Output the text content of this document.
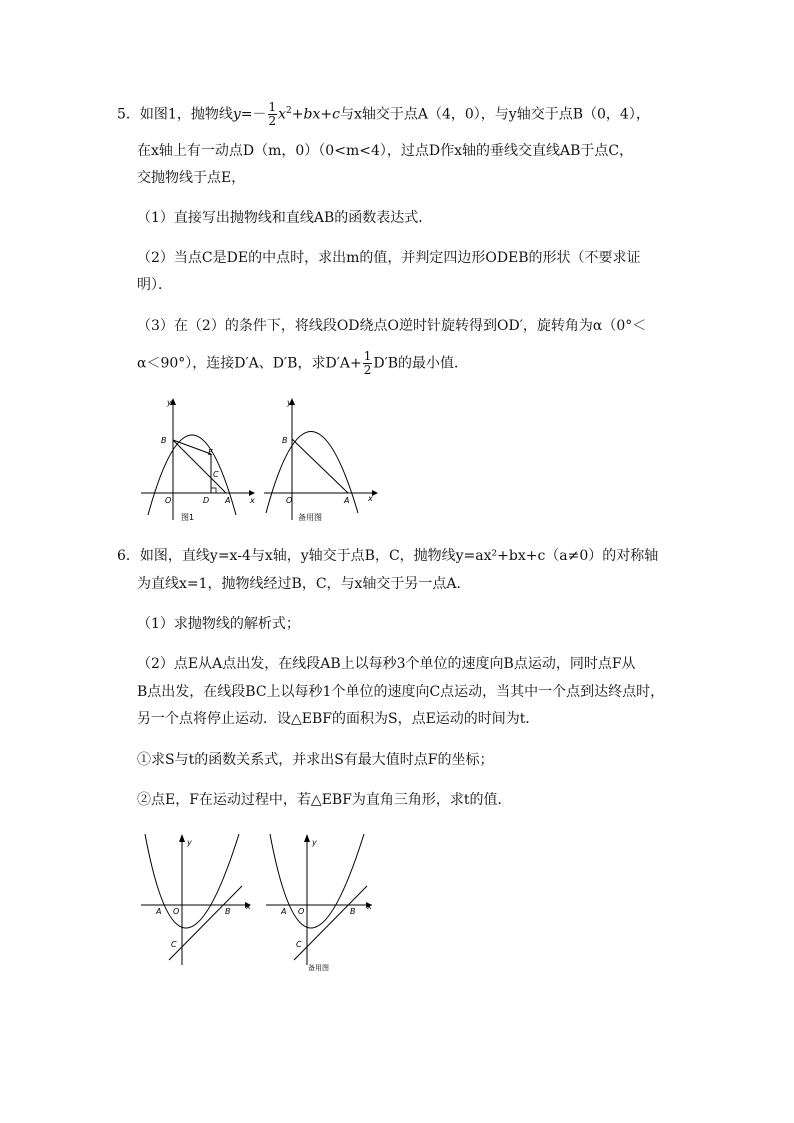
5．如图1，抛物线$y=- \frac{1}{2} x^2+bx+c$与x轴交于点A（4，0），与y轴交于点B（0，4），
在x轴上有一动点D（m，0）（0<m<4），过点D作x轴的垂线交直线AB于点C，
交抛物线于点E，
（1）直接写出抛物线和直线AB的函数表达式．
（2）当点C是DE的中点时，求出m的值，并判定四边形ODEB的形状（不要求证
明）．
（3）在（2）的条件下，将线段OD绕点O逆时针旋转得到OD′，旋转角为α（0°＜
α＜90°），连接D′A、D′B，求$D'A+ \frac{1}{2} D'B$的最小值．
y
x
B
E
C
O	D A
图1
y
x
B
O	A
备用图
6．如图，直线y=x-4与x轴，y轴交于点B，C，抛物线y=ax²+bx+c（a≠0）的对称轴
为直线x=1，抛物线经过B，C，与x轴交于另一点A．
（1）求抛物线的解析式；
（2）点E从A点出发，在线段AB上以每秒3个单位的速度向B点运动，同时点F从
B点出发，在线段BC上以每秒1个单位的速度向C点运动，当其中一个点到达终点时，
另一个点将停止运动．设△EBF的面积为S，点E运动的时间为t．
①求S与t的函数关系式，并求出S有最大值时点F的坐标；
②点E，F在运动过程中，若△EBF为直角三角形，求t的值．
y
x
A O	B
C
y
x
A O	B
C
备用图
